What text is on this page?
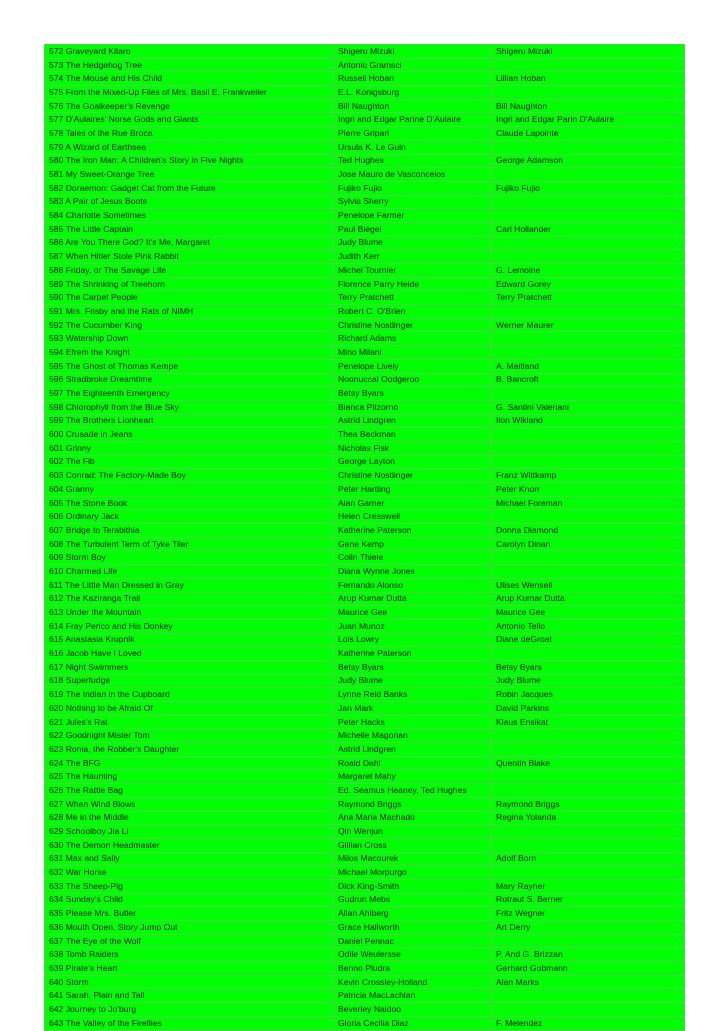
572 Graveyard Kitaro	Shigeru Mizuki	Shigeru Mizuki
573 The Hedgehog Tree	Antonio Gramsci	
574 The Mouse and His Child	Russell Hoban	Lillian Hoban
575 From the Mixed-Up Files of Mrs. Basil E. Frankweiler	E.L. Konigsburg	
576 The Goalkeeper's Revenge	Bill Naughton	Bill Naughton
577 D'Aulaires' Norse Gods and Giants	Ingri and Edgar Parine D'Aulaire	Ingri and Edgar Parin D'Aulaire
578 Tales of the Rue Broca	Pierre Gripari	Claude Lapointe
579 A Wizard of Earthsea	Ursula K. Le Guin	
580 The Iron Man: A Children's Story in Five Nights	Ted Hughes	George Adamson
581 My Sweet-Orange Tree	Jose Mauro de Vasconcelos	
582 Doraemon: Gadget Cat from the Future	Fujiko Fujio	Fujiko Fujio
583 A Pair of Jesus Boots	Sylvia Sherry	
584 Charlotte Sometimes	Penelope Farmer	
585 The Little Captain	Paul Biegel	Carl Hollander
586 Are You There God? It's Me, Margaret	Judy Blume	
587 When Hitler Stole Pink Rabbit	Judith Kerr	
588 Friday, or The Savage Life	Michel Tournier	G. Lemoine
589 The Shrinking of Treehorn	Florence Parry Heide	Edward Gorey
590 The Carpet People	Terry Pratchett	Terry Pratchett
591 Mrs. Frisby and the Rats of NIMH	Robert C. O'Brien	
592 The Cucumber King	Christine Nostlinger	Werner Maurer
593 Watership Down	Richard Adams	
594 Efrem the Knight	Mino Milani	
595 The Ghost of Thomas Kempe	Penelope Lively	A. Maitland
596 Stradbroke Dreamtime	Noonuccal Oodgeroo	B. Bancroft
597 The Eighteenth Emergency	Betsy Byars	
598 Chlorophyll from the Blue Sky	Bianca Pitzorno	G. Santini Valeriani
599 The Brothers Lionheart	Astrid Lindgren	Ilon Wikland
600 Crusade in Jeans	Thea Beckman	
601 Grinny	Nicholas Fisk	
602 The Fib	George Layton	
603 Conrad: The Factory-Made Boy	Christine Nostlinger	Franz Wittkamp
604 Granny	Peter Hartling	Peter Knorr
605 The Stone Book	Alan Garner	Michael Foreman
606 Ordinary Jack	Helen Cresswell	
607 Bridge to Terabithia	Katherine Paterson	Donna Diamond
608 The Turbulent Term of Tyke Tiler	Gene Kemp	Carolyn Dinan
609 Storm Boy	Colin Thiele	
610 Charmed Life	Diana Wynne Jones	
611 The Little Man Dressed in Gray	Fernando Alonso	Ulises Wensell
612 The Kaziranga Trail	Arup Kumar Dutta	Arup Kumar Dutta
613 Under the Mountain	Maurice Gee	Maurice Gee
614 Fray Perico and His Donkey	Juan Munoz	Antonio Tello
615 Anastasia Krupnik	Lois Lowry	Diane deGroat
616 Jacob Have I Loved	Katherine Paterson	
617 Night Swimmers	Betsy Byars	Betsy Byars
618 Superfudge	Judy Blume	Judy Blume
619 The Indian in the Cupboard	Lynne Reid Banks	Robin Jacques
620 Nothing to be Afraid Of	Jan Mark	David Parkins
621 Jules's Rat	Peter Hacks	Klaus Ensikat
622 Goodnight Mister Tom	Michelle Magorian	
623 Ronia, the Robber's Daughter	Astrid Lindgren	
624 The BFG	Roald Dahl	Quentin Blake
625 The Haunting	Margaret Mahy	
626 The Rattle Bag	Ed. Seamus Heaney, Ted Hughes	
627 When Wind Blows	Raymond Briggs	Raymond Briggs
628 Me in the Middle	Ana Maria Machado	Regina Yolanda
629 Schoolboy Jia Li	Qin Wenjun	
630 The Demon Headmaster	Gillian Cross	
631 Max and Sally	Milos Macourek	Adolf Born
632 War Horse	Michael Morpurgo	
633 The Sheep-Pig	Dick King-Smith	Mary Rayner
634 Sunday's Child	Gudrun Mebs	Rotraut S. Berner
635 Please Mrs. Butler	Allan Ahlberg	Fritz Wegner
636 Mouth Open, Story Jump Out	Grace Hallworth	Art Derry
637 The Eye of the Wolf	Daniel Pennac	
638 Tomb Raiders	Odile Weulersse	P. And G. Brizzan
639 Pirate's Heart	Benno Pludra	Gerhard Gobmann
640 Storm	Kevin Crossley-Holland	Alan Marks
641 Sarah, Plain and Tall	Patricia MacLachlan	
642 Journey to Jo'burg	Beverley Naidoo	
643 The Valley of the Fireflies	Gloria Cecilia Diaz	F. Melendez
